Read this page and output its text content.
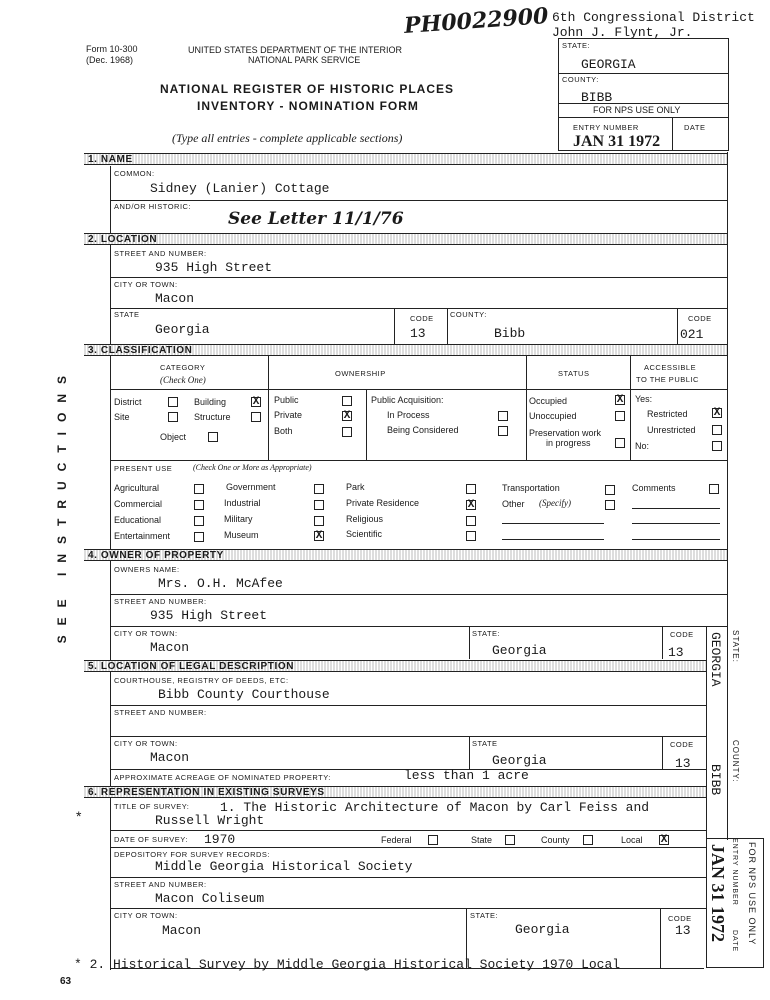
PH0022900 6th Congressional District
John J. Flynt, Jr.
Form 10-300
(Dec. 1968)
UNITED STATES DEPARTMENT OF THE INTERIOR
NATIONAL PARK SERVICE
NATIONAL REGISTER OF HISTORIC PLACES
INVENTORY - NOMINATION FORM
(Type all entries - complete applicable sections)
STATE:
GEORGIA
COUNTY:
BIBB
FOR NPS USE ONLY
ENTRY NUMBER	DATE
JAN 31 1972
SEE INSTRUCTIONS
1. NAME
COMMON:
Sidney (Lanier) Cottage
AND/OR HISTORIC:
See Letter 11/1/76
2. LOCATION
STREET AND NUMBER:
935 High Street
CITY OR TOWN:
Macon
STATE
Georgia
CODE
13
COUNTY:
Bibb
CODE
021
3. CLASSIFICATION
CATEGORY
(Check One)
OWNERSHIP	STATUS
ACCESSIBLE
TO THE PUBLIC
District	Building X
Site	Structure
Object
Public
Private	X
Both
Public Acquisition:
In Process
Being Considered
Occupied	X
Unoccupied
Preservation work
in progress
Yes:
Restricted X
Unrestricted
No:
PRESENT USE	(Check One or More as Appropriate)
Agricultural
Commercial
Educational
Entertainment
Government
Industrial
Military
Museum	X
Park
Private Residence	X
Religious
Scientific
Transportation
Other (Specify)
Comments
4. OWNER OF PROPERTY
OWNERS NAME:
Mrs. O.H. McAfee
STREET AND NUMBER:
935 High Street
CITY OR TOWN:
Macon
STATE:
Georgia
CODE
13
5. LOCATION OF LEGAL DESCRIPTION
COURTHOUSE, REGISTRY OF DEEDS, ETC:
Bibb County Courthouse
STREET AND NUMBER:
CITY OR TOWN:
Macon
STATE
Georgia
CODE
13
APPROXIMATE ACREAGE OF NOMINATED PROPERTY:	less than 1 acre
6. REPRESENTATION IN EXISTING SURVEYS
*
TITLE OF SURVEY: 1. The Historic Architecture of Macon by Carl Feiss and
Russell Wright
DATE OF SURVEY: 1970	Federal	State	County	Local X
DEPOSITORY FOR SURVEY RECORDS:
Middle Georgia Historical Society
STREET AND NUMBER:
Macon Coliseum
CITY OR TOWN:
Macon
STATE:
Georgia
CODE
13
STATE:
GEORGIA
COUNTY:
BIBB
ENTRY NUMBER
DATE FOR NPS USE ONLY
JAN 31 1972
* 2. Historical Survey by Middle Georgia Historical Society 1970 Local
63
